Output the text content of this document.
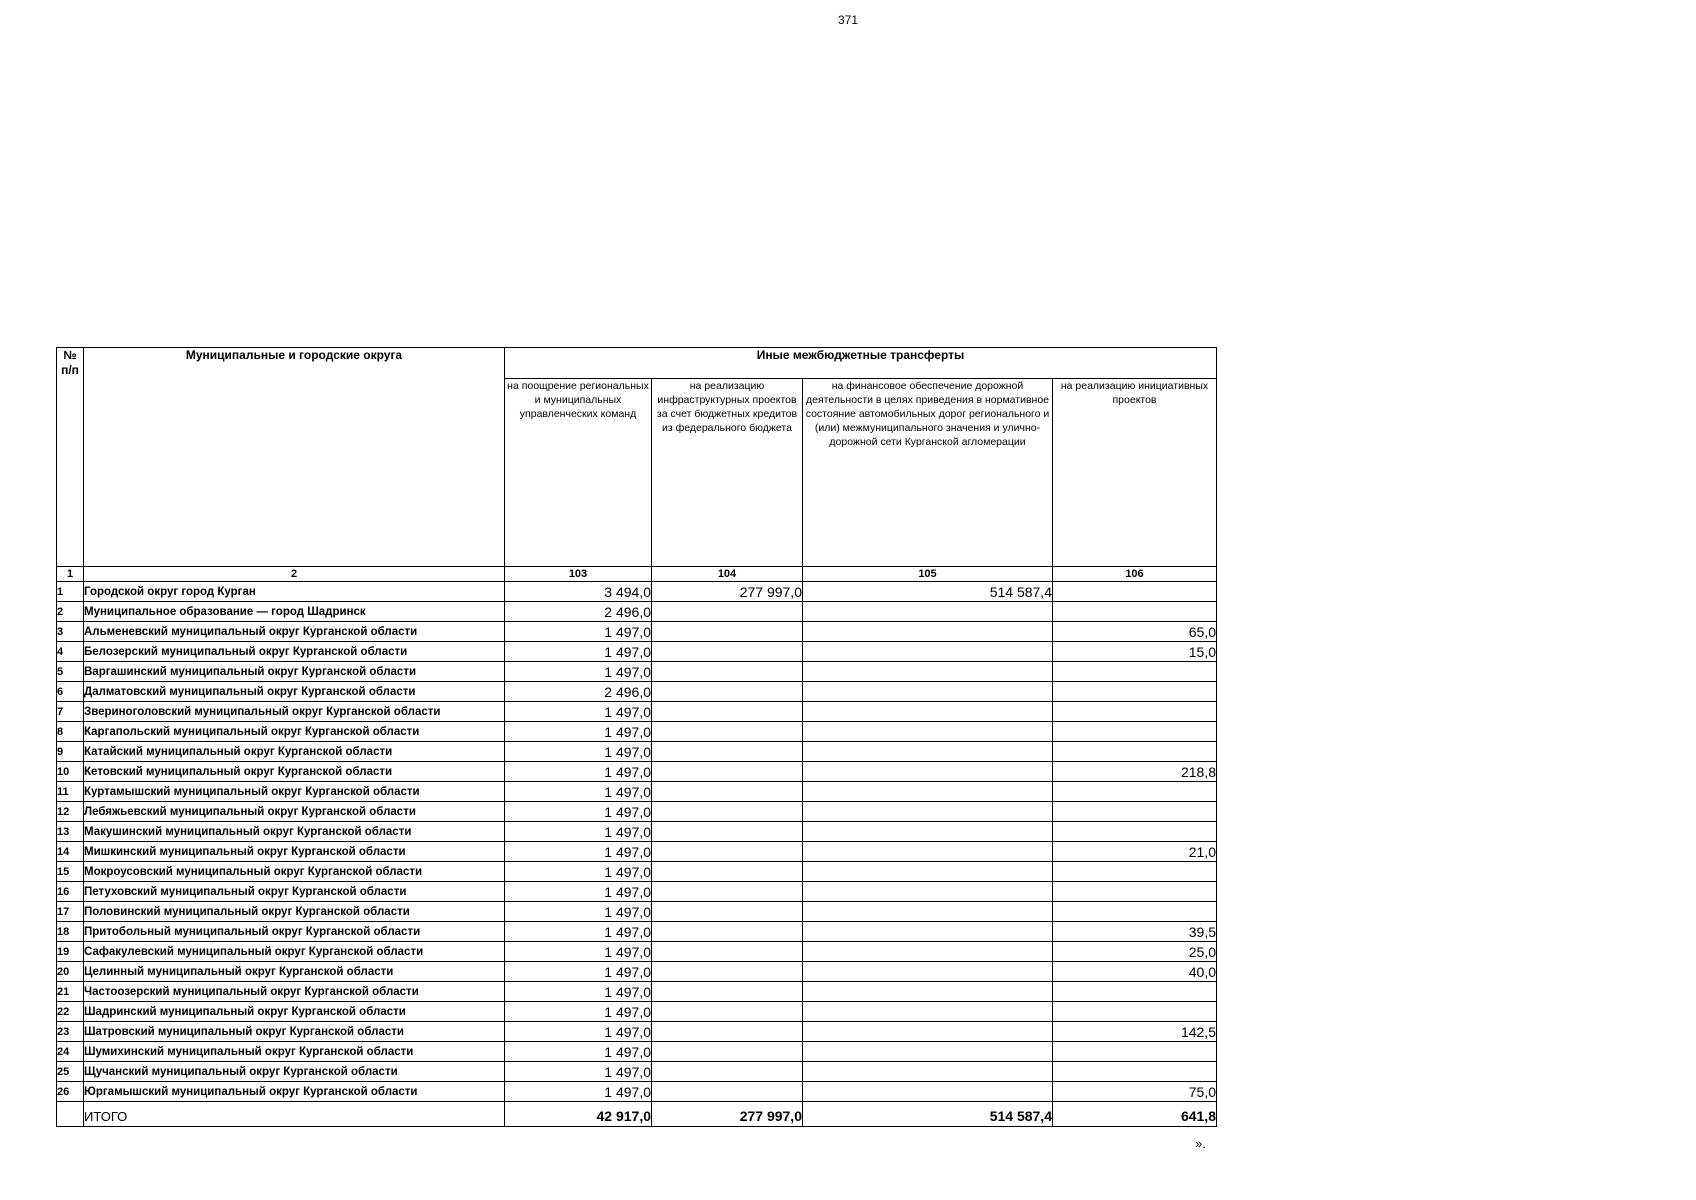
371
№ п/п	Муниципальные и городские округа	Иные межбюджетные трансферты			
		на поощрение региональных и муниципальных управленческих команд	на реализацию инфраструктурных проектов за счет бюджетных кредитов из федерального бюджета	на финансовое обеспечение дорожной деятельности в целях приведения в нормативное состояние автомобильных дорог регионального и (или) межмуниципального значения и улично-дорожной сети Курганской агломерации	на реализацию инициативных проектов
1	2	103	104	105	106
1	Городской округ город Курган	3 494,0	277 997,0	514 587,4	
2	Муниципальное образование — город Шадринск	2 496,0			
3	Альменевский муниципальный округ Курганской области	1 497,0			65,0
4	Белозерский муниципальный округ Курганской области	1 497,0			15,0
5	Варгашинский муниципальный округ Курганской области	1 497,0			
6	Далматовский муниципальный округ Курганской области	2 496,0			
7	Звериноголовский муниципальный округ Курганской области	1 497,0			
8	Каргапольский муниципальный округ Курганской области	1 497,0			
9	Катайский муниципальный округ Курганской области	1 497,0			
10	Кетовский муниципальный округ Курганской области	1 497,0			218,8
11	Куртамышский муниципальный округ Курганской области	1 497,0			
12	Лебяжьевский муниципальный округ Курганской области	1 497,0			
13	Макушинский муниципальный округ Курганской области	1 497,0			
14	Мишкинский муниципальный округ Курганской области	1 497,0			21,0
15	Мокроусовский муниципальный округ Курганской области	1 497,0			
16	Петуховский муниципальный округ Курганской области	1 497,0			
17	Половинский муниципальный округ Курганской области	1 497,0			
18	Притобольный муниципальный округ Курганской области	1 497,0			39,5
19	Сафакулевский муниципальный округ Курганской области	1 497,0			25,0
20	Целинный муниципальный округ Курганской области	1 497,0			40,0
21	Частоозерский муниципальный округ Курганской области	1 497,0			
22	Шадринский муниципальный округ Курганской области	1 497,0			
23	Шатровский муниципальный округ Курганской области	1 497,0			142,5
24	Шумихинский муниципальный округ Курганской области	1 497,0			
25	Щучанский муниципальный округ Курганской области	1 497,0			
26	Юргамышский муниципальный округ Курганской области	1 497,0			75,0
	ИТОГО	42 917,0	277 997,0	514 587,4	641,8
».
